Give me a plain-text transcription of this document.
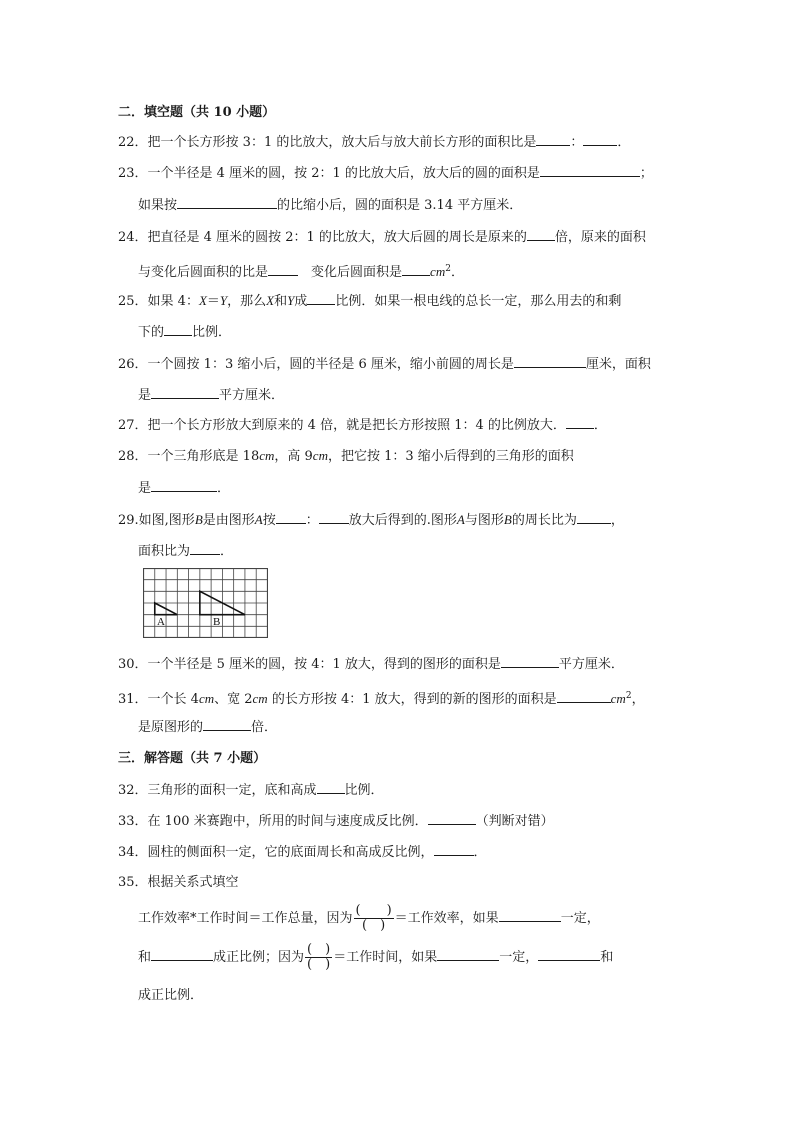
二．填空题（共 10 小题）
22．把一个长方形按 3：1 的比放大，放大后与放大前长方形的面积比是	：	．
23．一个半径是 4 厘米的圆，按 2：1 的比放大后，放大后的圆的面积是	；
如果按	的比缩小后，圆的面积是 3.14 平方厘米．
24．把直径是 4 厘米的圆按 2：1 的比放大，放大后圆的周长是原来的 倍，原来的面积
与变化后圆面积的比是　	变化后圆面积是 $cm^2$．
25．如果 4：X＝Y，那么X和Y成 比例．如果一根电线的总长一定，那么用去的和剩
下的 比例．
26．一个圆按 1：3 缩小后，圆的半径是 6 厘米，缩小前圆的周长是	厘米，面积
是	平方厘米．
27．把一个长方形放大到原来的 4 倍，就是把长方形按照 1：4 的比例放大． ．
28．一个三角形底是 18cm，高 9cm，把它按 1：3 缩小后得到的三角形的面积
是	．
29.如图,图形B是由图形A按 ： 放大后得到的.图形A与图形B的周长比为	，
面积比为 ．
A	B
30．一个半径是 5 厘米的圆，按 4：1 放大，得到的图形的面积是	平方厘米．
31．一个长 4cm、宽 2cm 的长方形按 4：1 放大，得到的新的图形的面积是	$cm^2$，
是原图形的	倍．
三．解答题（共 7 小题）
32．三角形的面积一定，底和高成 比例．
33．在 100 米赛跑中，所用的时间与速度成反比例．	（判断对错）
34．圆柱的侧面积一定，它的底面周长和高成反比例，	．
35．根据关系式填空
工作效率*工作时间＝工作总量，因为 $\frac{( )}{( )}$ ＝工作效率，如果	一定，
和	成正比例；因为 $\frac{( )}{( )}$ ＝工作时间，如果	一定，	和
成正比例．
